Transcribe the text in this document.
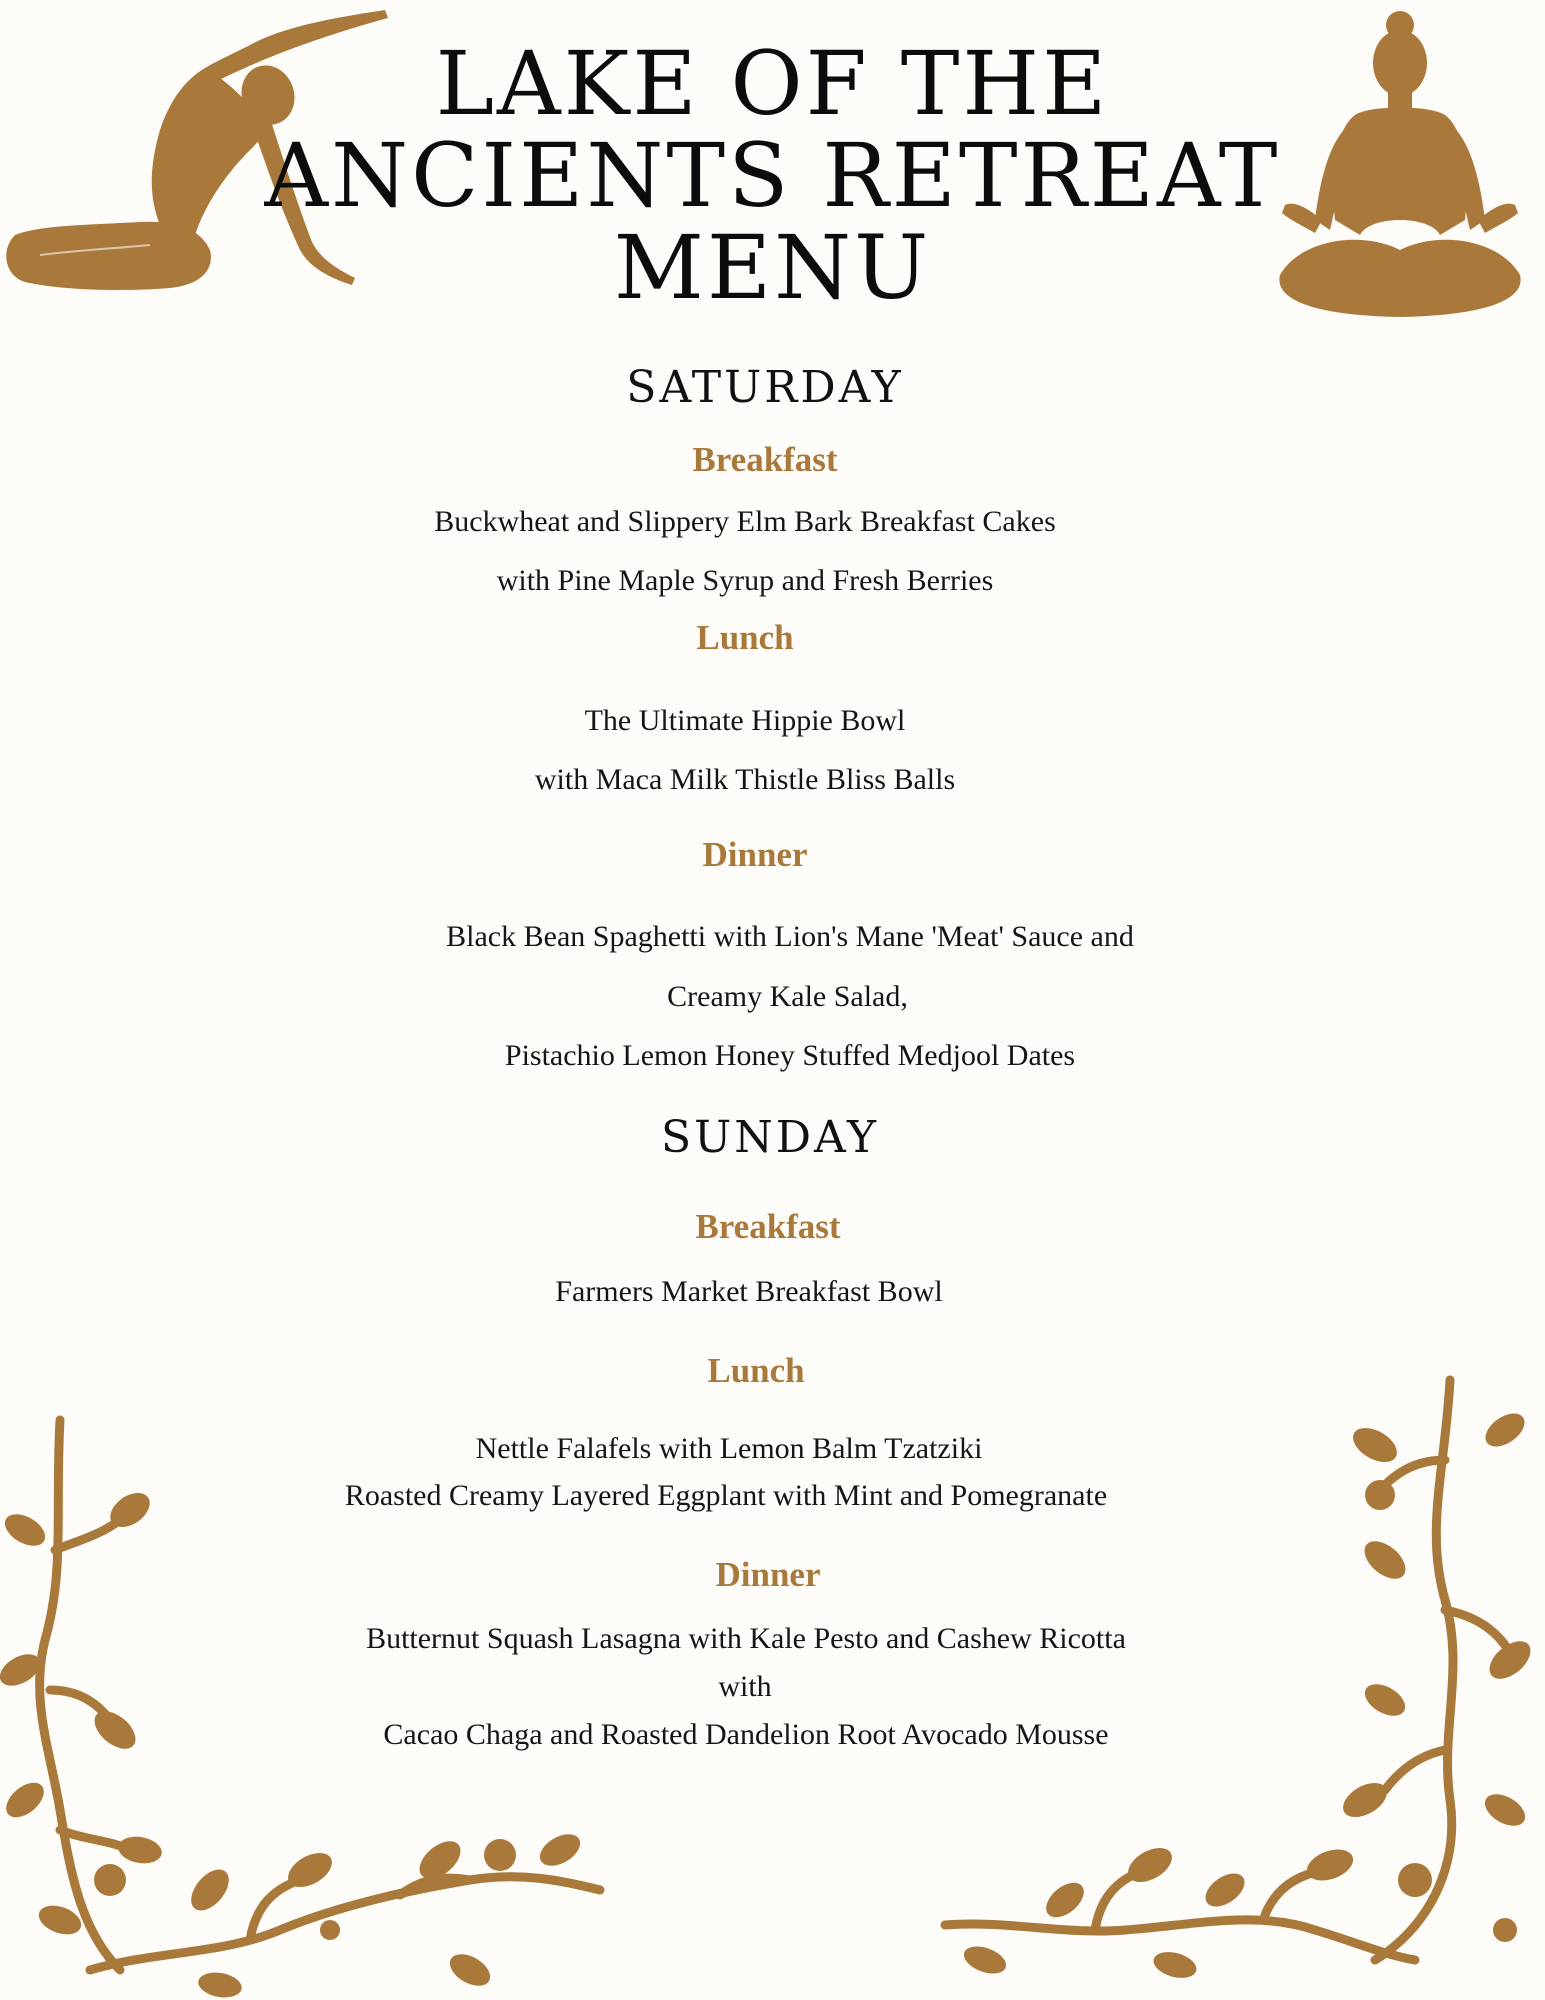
LAKE OF THE
ANCIENTS RETREAT
MENU
SATURDAY
Breakfast
Buckwheat and Slippery Elm Bark Breakfast Cakes
with Pine Maple Syrup and Fresh Berries
Lunch
The Ultimate Hippie Bowl
with Maca Milk Thistle Bliss Balls
Dinner
Black Bean Spaghetti with Lion's Mane 'Meat' Sauce and
Creamy Kale Salad,
Pistachio Lemon Honey Stuffed Medjool Dates
SUNDAY
Breakfast
Farmers Market Breakfast Bowl
Lunch
Nettle Falafels with Lemon Balm Tzatziki
Roasted Creamy Layered Eggplant with Mint and Pomegranate
Dinner
Butternut Squash Lasagna with Kale Pesto and Cashew Ricotta
with
Cacao Chaga and Roasted Dandelion Root Avocado Mousse
